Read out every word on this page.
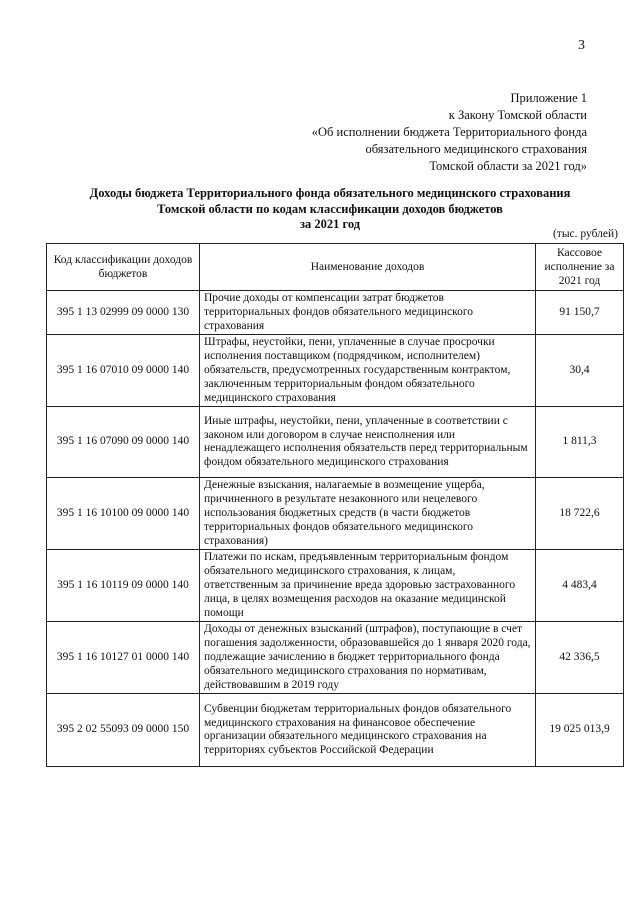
3
Приложение 1
к Закону Томской области
«Об исполнении бюджета Территориального фонда
обязательного медицинского страхования
Томской области за 2021 год»
Доходы бюджета Территориального фонда обязательного медицинского страхования
Томской области по кодам классификации доходов бюджетов
за 2021 год
(тыс. рублей)
Код классификации доходов бюджетов	Наименование доходов	Кассовое исполнение за 2021 год
395 1 13 02999 09 0000 130	Прочие доходы от компенсации затрат бюджетов территориальных фондов обязательного медицинского страхования	91 150,7
395 1 16 07010 09 0000 140	Штрафы, неустойки, пени, уплаченные в случае просрочки исполнения поставщиком (подрядчиком, исполнителем) обязательств, предусмотренных государственным контрактом, заключенным территориальным фондом обязательного медицинского страхования	30,4
395 1 16 07090 09 0000 140	Иные штрафы, неустойки, пени, уплаченные в соответствии с законом или договором в случае неисполнения или ненадлежащего исполнения обязательств перед территориальным фондом обязательного медицинского страхования	1 811,3
395 1 16 10100 09 0000 140	Денежные взыскания, налагаемые в возмещение ущерба, причиненного в результате незаконного или нецелевого использования бюджетных средств (в части бюджетов территориальных фондов обязательного медицинского страхования)	18 722,6
395 1 16 10119 09 0000 140	Платежи по искам, предъявленным территориальным фондом обязательного медицинского страхования, к лицам, ответственным за причинение вреда здоровью застрахованного лица, в целях возмещения расходов на оказание медицинской помощи	4 483,4
395 1 16 10127 01 0000 140	Доходы от денежных взысканий (штрафов), поступающие в счет погашения задолженности, образовавшейся до 1 января 2020 года, подлежащие зачислению в бюджет территориального фонда обязательного медицинского страхования по нормативам, действовавшим в 2019 году	42 336,5
395 2 02 55093 09 0000 150	Субвенции бюджетам территориальных фондов обязательного медицинского страхования на финансовое обеспечение организации обязательного медицинского страхования на территориях субъектов Российской Федерации	19 025 013,9
